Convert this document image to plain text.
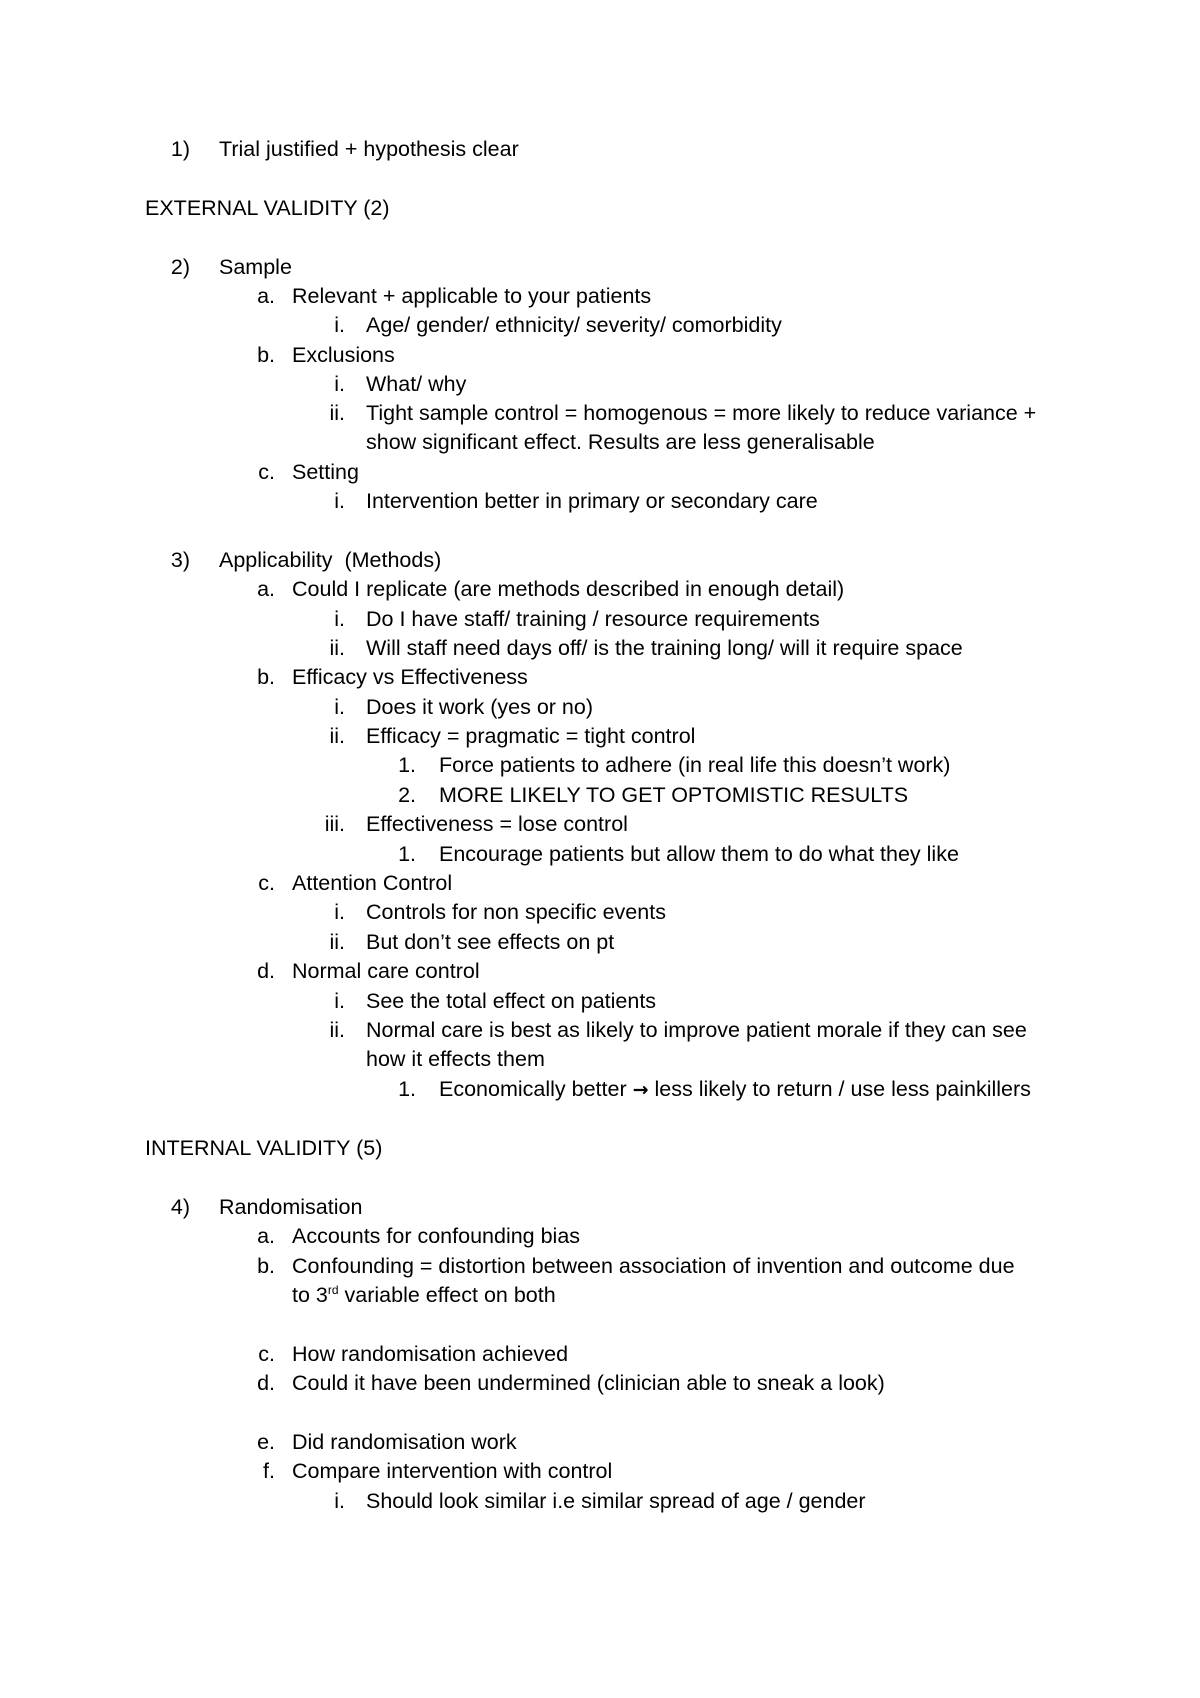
1) Trial justified + hypothesis clear
EXTERNAL VALIDITY (2)
2) Sample
a. Relevant + applicable to your patients
i. Age/ gender/ ethnicity/ severity/ comorbidity
b. Exclusions
i. What/ why
ii. Tight sample control = homogenous = more likely to reduce variance +
show significant effect. Results are less generalisable
c. Setting
i. Intervention better in primary or secondary care
3) Applicability  (Methods)
a. Could I replicate (are methods described in enough detail)
i. Do I have staff/ training / resource requirements
ii. Will staff need days off/ is the training long/ will it require space
b. Efficacy vs Effectiveness
i. Does it work (yes or no)
ii. Efficacy = pragmatic = tight control
1. Force patients to adhere (in real life this doesn’t work)
2. MORE LIKELY TO GET OPTOMISTIC RESULTS
iii. Effectiveness = lose control
1. Encourage patients but allow them to do what they like
c. Attention Control
i. Controls for non specific events
ii. But don’t see effects on pt
d. Normal care control
i. See the total effect on patients
ii. Normal care is best as likely to improve patient morale if they can see
how it effects them
1. Economically better → less likely to return / use less painkillers
INTERNAL VALIDITY (5)
4) Randomisation
a. Accounts for confounding bias
b. Confounding = distortion between association of invention and outcome due
to 3rd variable effect on both
c. How randomisation achieved
d. Could it have been undermined (clinician able to sneak a look)
e. Did randomisation work
f. Compare intervention with control
i. Should look similar i.e similar spread of age / gender
